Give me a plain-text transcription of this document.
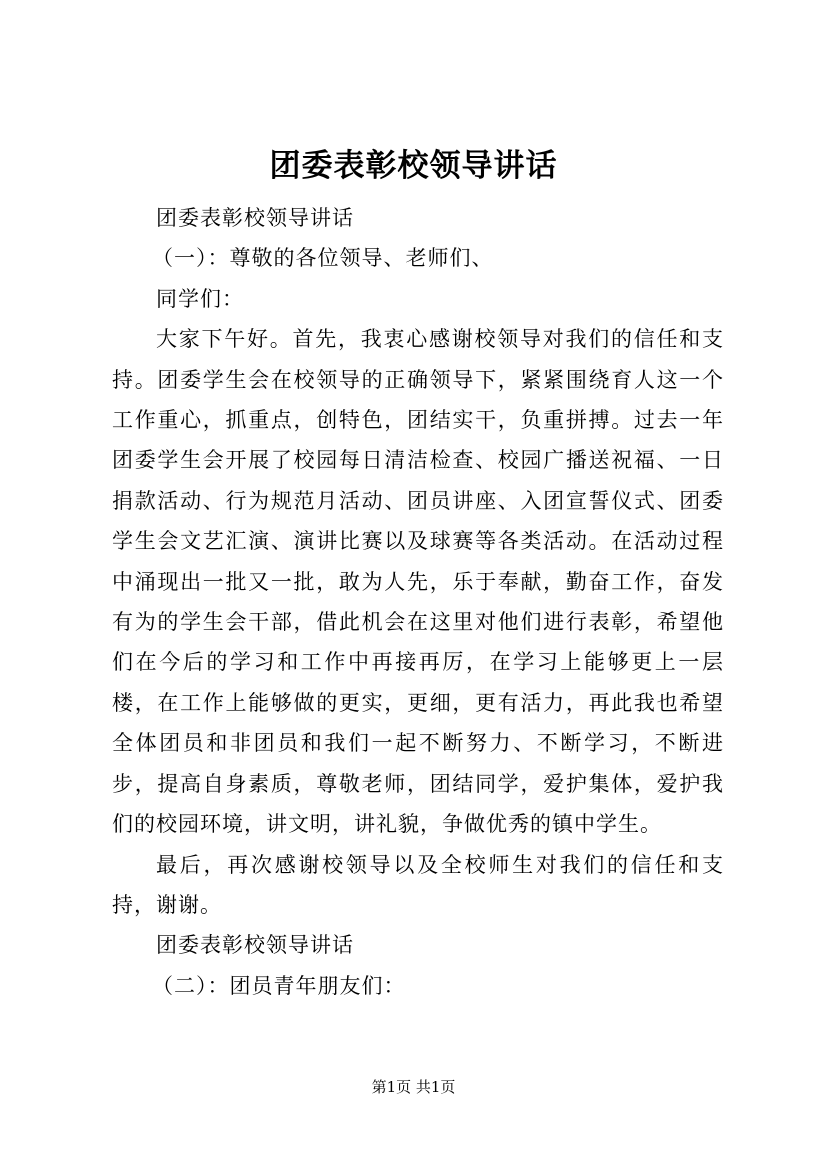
团委表彰校领导讲话

团委表彰校领导讲话

（一）：尊敬的各位领导、老师们、

同学们：

大家下午好。首先，我衷心感谢校领导对我们的信任和支持。团委学生会在校领导的正确领导下，紧紧围绕育人这一个工作重心，抓重点，创特色，团结实干，负重拼搏。过去一年团委学生会开展了校园每日清洁检查、校园广播送祝福、一日捐款活动、行为规范月活动、团员讲座、入团宣誓仪式、团委学生会文艺汇演、演讲比赛以及球赛等各类活动。在活动过程中涌现出一批又一批，敢为人先，乐于奉献，勤奋工作，奋发有为的学生会干部，借此机会在这里对他们进行表彰，希望他们在今后的学习和工作中再接再厉，在学习上能够更上一层楼，在工作上能够做的更实，更细，更有活力，再此我也希望全体团员和非团员和我们一起不断努力、不断学习，不断进步，提高自身素质，尊敬老师，团结同学，爱护集体，爱护我们的校园环境，讲文明，讲礼貌，争做优秀的镇中学生。

最后，再次感谢校领导以及全校师生对我们的信任和支持，谢谢。

团委表彰校领导讲话

（二）：团员青年朋友们：

第1页 共1页
